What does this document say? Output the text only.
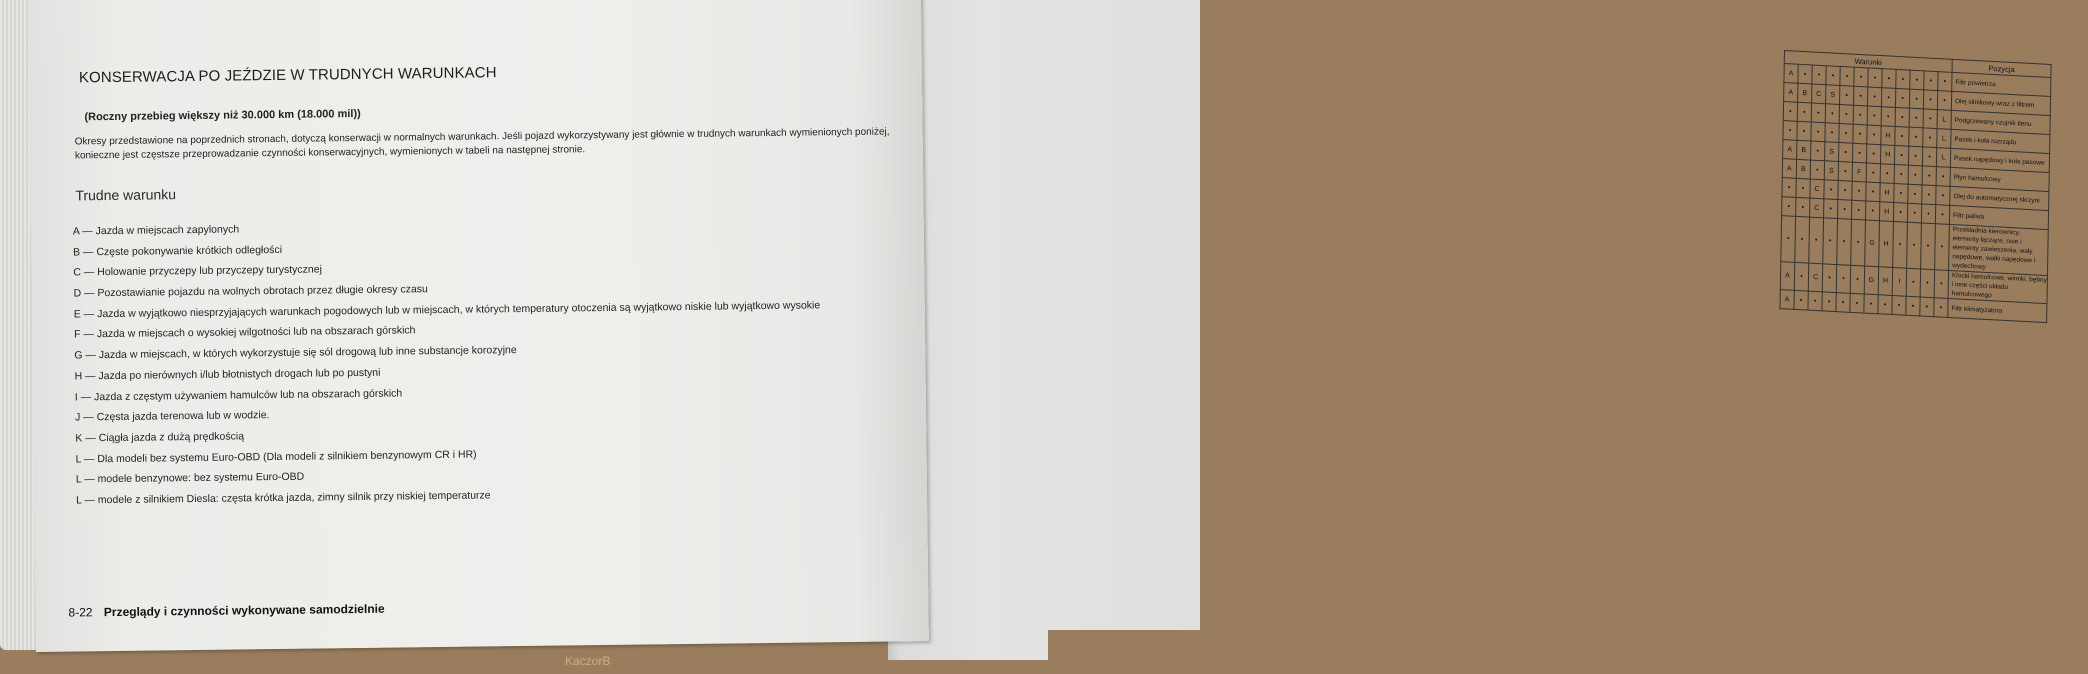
Warunki												Pozycja
A	•	•	•	•	•	•	•	•	•	•	•	Filtr powietrza
A	B	C	S	•	•	•	•	•	•	•	•	Olej silnikowy wraz z filtrem
•	•	•	•	•	•	•	•	•	•	•	L	Podgrzewany czujnik tlenu
•	•	•	•	•	•	•	H	•	•	•	L	Pasek i koła rozrządu
A	B	•	S	•	•	•	H	•	•	•	L	Pasek napędowy i koła pasowe
A	B	•	S	•	F	•	•	•	•	•	•	Płyn hamulcowy
•	•	C	•	•	•	•	H	•	•	•	•	Olej do automatycznej skrzyni
•	•	C	•	•	•	•	H	•	•	•	•	Filtr paliwa
•	•	•	•	•	•	G	H	•	•	•	•	Przekładnia kierownicy, elementy łączące, osie i elementy zawieszenia, wały napędowe, wałki napędowe i wydechowy
A	•	C	•	•	•	G	H	I	•	•	•	Klocki hamulcowe, wirniki, bębny i inne części układu hamulcowego
A	•	•	•	•	•	•	•	•	•	•	•	Filtr klimatyzatora
KONSERWACJA PO JEŹDZIE W TRUDNYCH WARUNKACH
(Roczny przebieg większy niż 30.000 km (18.000 mil))
Okresy przedstawione na poprzednich stronach, dotyczą konserwacji w normalnych warunkach. Jeśli pojazd wykorzystywany jest głównie w trudnych warunkach wymienionych poniżej, konieczne jest częstsze przeprowadzanie czynności konserwacyjnych, wymienionych w tabeli na następnej stronie.
Trudne warunku
A — Jazda w miejscach zapylonych
B — Częste pokonywanie krótkich odległości
C — Holowanie przyczepy lub przyczepy turystycznej
D — Pozostawianie pojazdu na wolnych obrotach przez długie okresy czasu
E — Jazda w wyjątkowo niesprzyjających warunkach pogodowych lub w miejscach, w których temperatury otoczenia są wyjątkowo niskie lub wyjątkowo wysokie
F — Jazda w miejscach o wysokiej wilgotności lub na obszarach górskich
G — Jazda w miejscach, w których wykorzystuje się sól drogową lub inne substancje korozyjne
H — Jazda po nierównych i/lub błotnistych drogach lub po pustyni
I — Jazda z częstym używaniem hamulców lub na obszarach górskich
J — Częsta jazda terenowa lub w wodzie.
K — Ciągła jazda z dużą prędkością
L — Dla modeli bez systemu Euro-OBD (Dla modeli z silnikiem benzynowym CR i HR)
L — modele benzynowe: bez systemu Euro-OBD
L — modele z silnikiem Diesla: częsta krótka jazda, zimny silnik przy niskiej temperaturze
8-22 Przeglądy i czynności wykonywane samodzielnie
KaczorB
